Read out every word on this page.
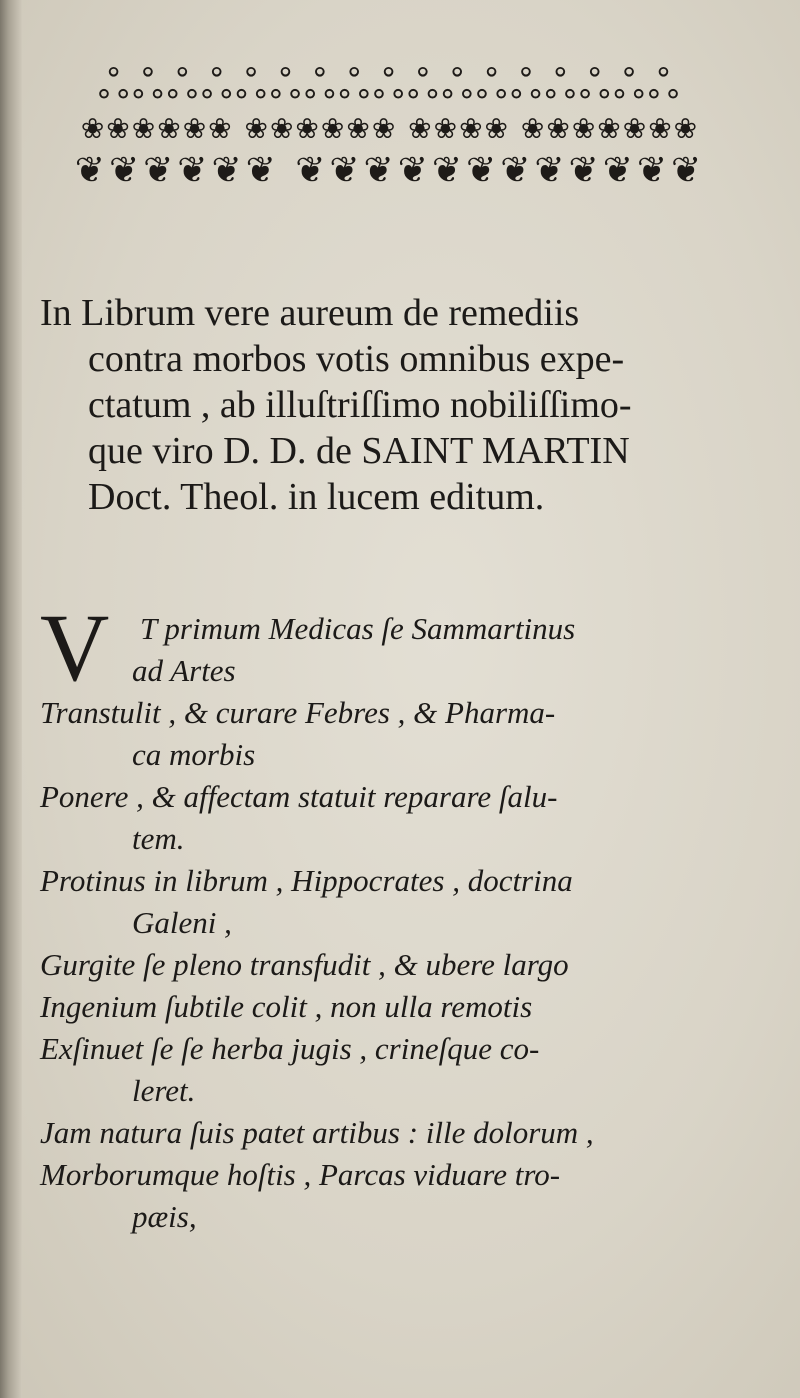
ஃஃஃஃஃஃஃஃஃஃஃஃஃஃஃஃஃ
❀❀❀❀❀❀ ❀❀❀❀❀❀ ❀❀❀❀ ❀❀❀❀❀❀❀
❦❦❦❦❦❦ ❦❦❦❦❦❦❦❦❦❦❦❦
In Librum vere aureum de remediis
contra morbos votis omnibus expe-
ctatum , ab illuſtriſſimo nobiliſſimo-
que viro D. D. de SAINT MARTIN
Doct. Theol. in lucem editum.
V T primum Medicas ſe Sammartinus
ad Artes
Transtulit , & curare Febres , & Pharma-
ca morbis
Ponere , & affectam statuit reparare ſalu-
tem.
Protinus in librum , Hippocrates , doctrina
Galeni ,
Gurgite ſe pleno transfudit , & ubere largo
Ingenium ſubtile colit , non ulla remotis
Exſinuet ſe ſe herba jugis , crineſque co-
leret.
Jam natura ſuis patet artibus : ille dolorum ,
Morborumque hoſtis , Parcas viduare tro-
pæis,
